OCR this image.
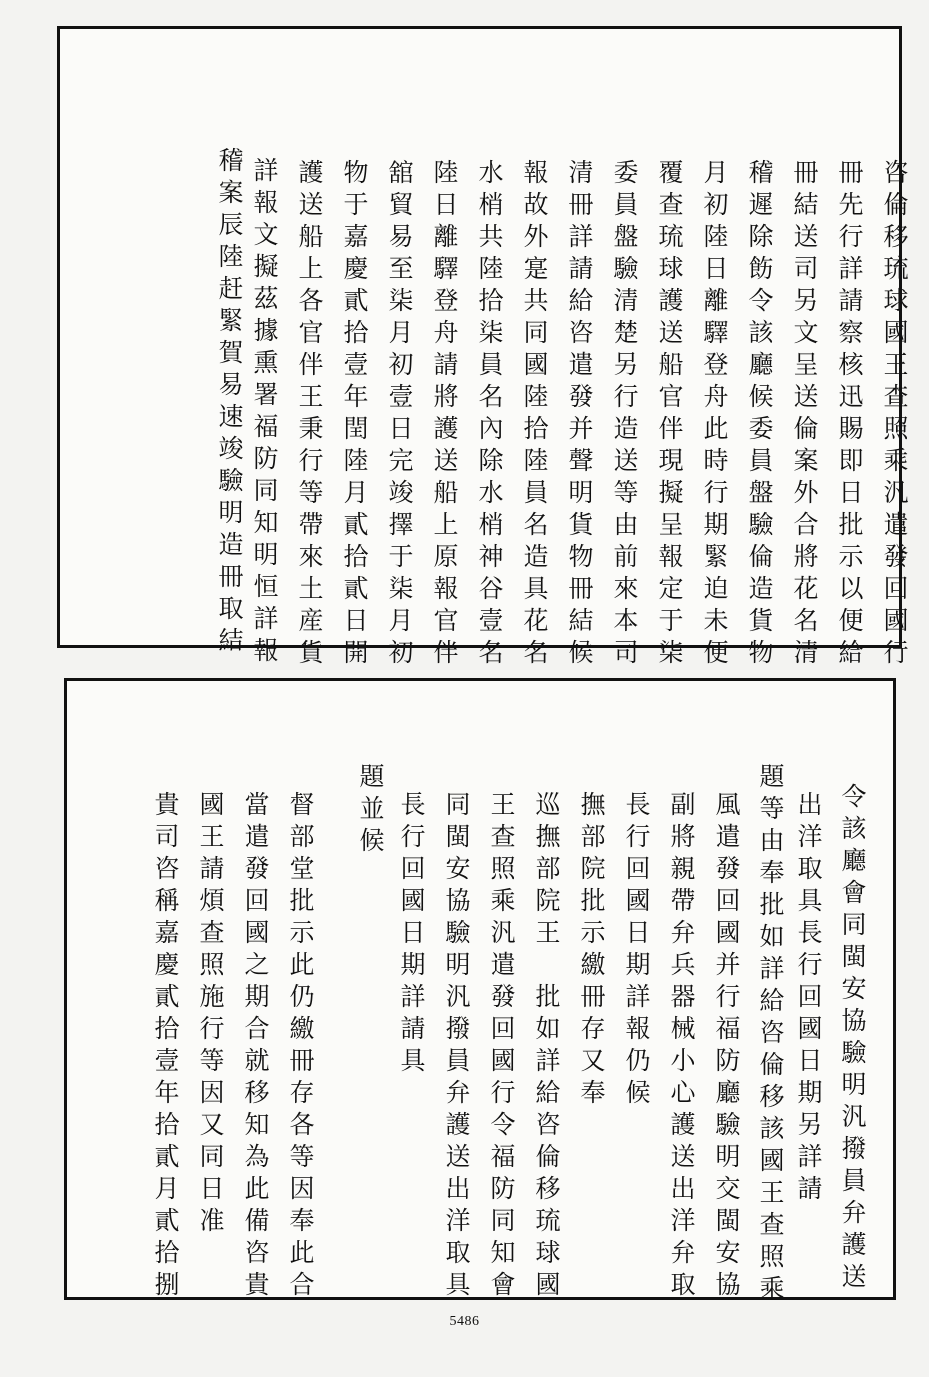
稽案辰陸赶緊賀易速竣驗明造冊取結 詳報文擬茲據熏署福防同知明恒詳報 護送船上各官伴王秉行等帶來土産貨 物于嘉慶貳拾壹年閏陸月貳拾貳日開 舘貿易至柒月初壹日完竣擇于柒月初 陸日離驛登舟請將護送船上原報官伴 水梢共陸拾柒員名內除水梢神谷壹名 報故外寔共同國陸拾陸員名造具花名 清冊詳請給咨遣發并聲明貨物冊結候 委員盤驗清楚另行造送等由前來本司 覆查琉球護送船官伴現擬呈報定于柒 月初陸日離驛登舟此時行期緊迫未便 稽遲除飭令該廳候委員盤驗倫造貨物 冊結送司另文呈送倫案外合將花名清 冊先行詳請察核迅賜即日批示以便給 咨倫移琉球國王查照乘汎遣發回國行
令該廳會同閩安協驗明汎撥員弁護送
出洋取具長行回國日期另詳請
題等由奉批如詳給咨倫移該國王查照乘
風遣發回國并行福防廳驗明交閩安協
副將親帶弁兵器械小心護送出洋弁取
長行回國日期詳報仍候
撫部院批示繳冊存又奉
巡撫部院王　批如詳給咨倫移琉球國
王查照乘汎遣發回國行令福防同知會
同閩安協驗明汎撥員弁護送出洋取具
長行回國日期詳請具
題並候
督部堂批示此仍繳冊存各等因奉此合
當遣發回國之期合就移知為此備咨貴
國王請煩查照施行等因又同日准
貴司咨稱嘉慶貳拾壹年拾貳月貳拾捌
5486
